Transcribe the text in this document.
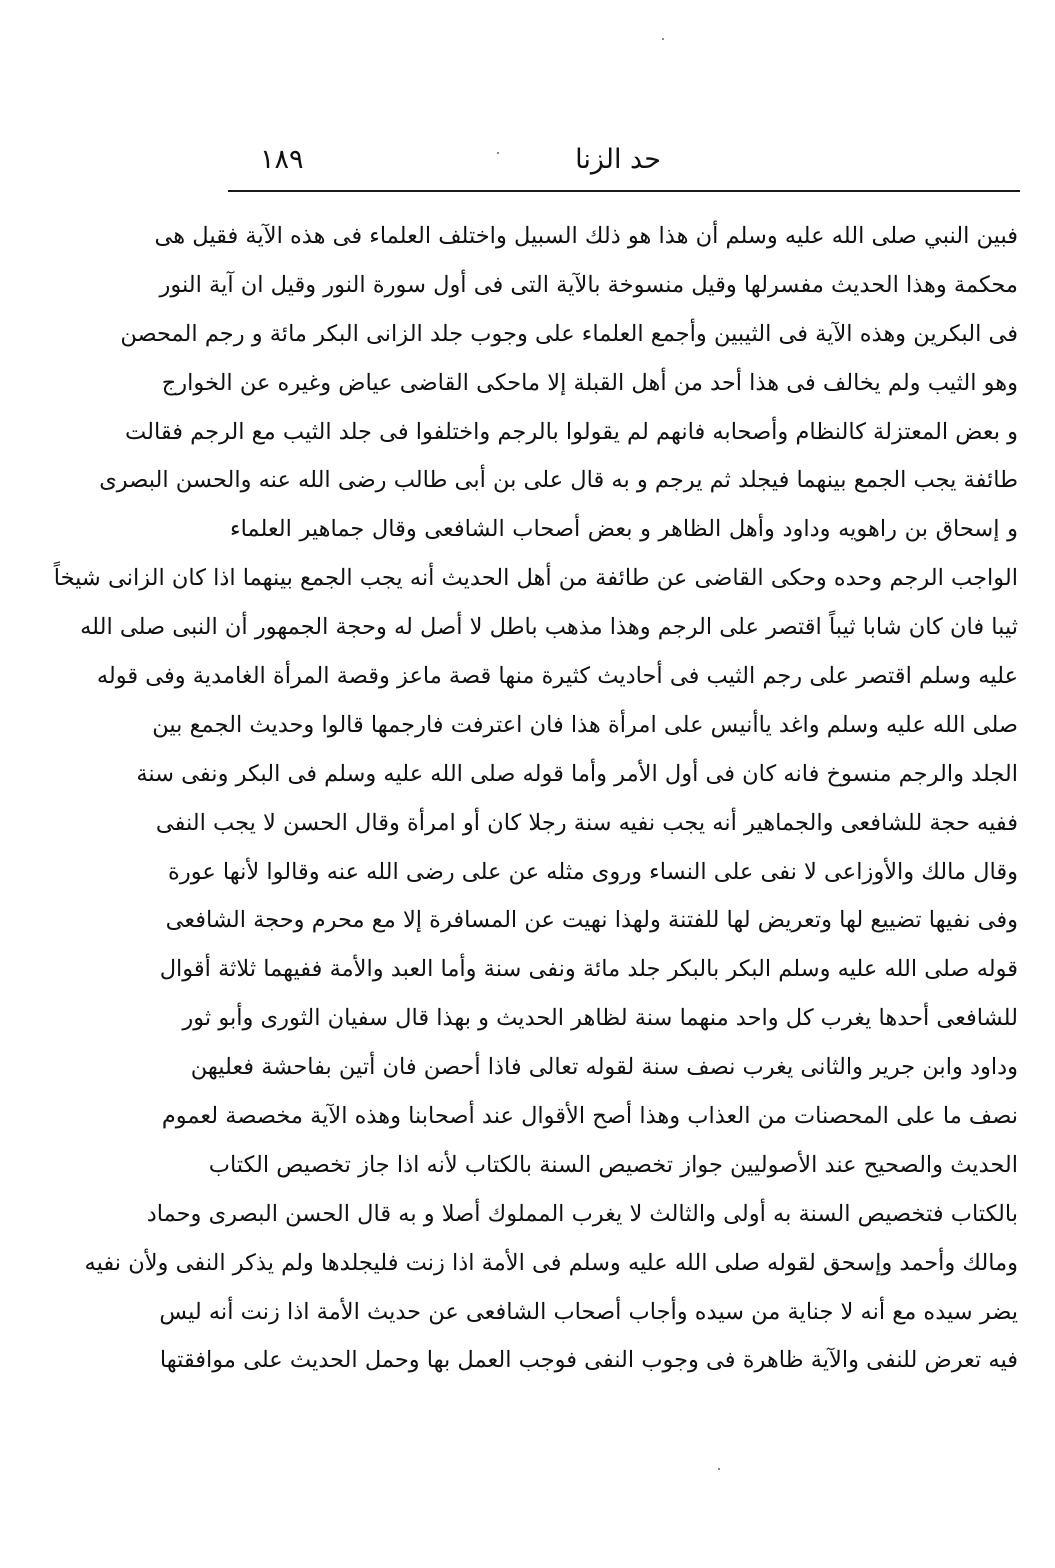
١٨٩	حد الزنا
فبين النبي صلى الله عليه وسلم أن هذا هو ذلك السبيل واختلف العلماء فى هذه الآية فقيل هى
محكمة وهذا الحديث مفسرلها وقيل منسوخة بالآية التى فى أول سورة النور وقيل ان آية النور
فى البكرين وهذه الآية فى الثيبين وأجمع العلماء على وجوب جلد الزانى البكر مائة و رجم المحصن
وهو الثيب ولم يخالف فى هذا أحد من أهل القبلة إلا ماحكى القاضى عياض وغيره عن الخوارج
و بعض المعتزلة كالنظام وأصحابه فانهم لم يقولوا بالرجم واختلفوا فى جلد الثيب مع الرجم فقالت
طائفة يجب الجمع بينهما فيجلد ثم يرجم و به قال على بن أبى طالب رضى الله عنه والحسن البصرى
و إسحاق بن راهويه وداود وأهل الظاهر و بعض أصحاب الشافعى وقال جماهير العلماء
الواجب الرجم وحده وحكى القاضى عن طائفة من أهل الحديث أنه يجب الجمع بينهما اذا كان الزانى شيخاً
ثيبا فان كان شابا ثيباً اقتصر على الرجم وهذا مذهب باطل لا أصل له وحجة الجمهور أن النبى صلى الله
عليه وسلم اقتصر على رجم الثيب فى أحاديث كثيرة منها قصة ماعز وقصة المرأة الغامدية وفى قوله
صلى الله عليه وسلم واغد ياأنيس على امرأة هذا فان اعترفت فارجمها قالوا وحديث الجمع بين
الجلد والرجم منسوخ فانه كان فى أول الأمر وأما قوله صلى الله عليه وسلم فى البكر ونفى سنة
ففيه حجة للشافعى والجماهير أنه يجب نفيه سنة رجلا كان أو امرأة وقال الحسن لا يجب النفى
وقال مالك والأوزاعى لا نفى على النساء وروى مثله عن على رضى الله عنه وقالوا لأنها عورة
وفى نفيها تضييع لها وتعريض لها للفتنة ولهذا نهيت عن المسافرة إلا مع محرم وحجة الشافعى
قوله صلى الله عليه وسلم البكر بالبكر جلد مائة ونفى سنة وأما العبد والأمة ففيهما ثلاثة أقوال
للشافعى أحدها يغرب كل واحد منهما سنة لظاهر الحديث و بهذا قال سفيان الثورى وأبو ثور
وداود وابن جرير والثانى يغرب نصف سنة لقوله تعالى فاذا أحصن فان أتين بفاحشة فعليهن
نصف ما على المحصنات من العذاب وهذا أصح الأقوال عند أصحابنا وهذه الآية مخصصة لعموم
الحديث والصحيح عند الأصوليين جواز تخصيص السنة بالكتاب لأنه اذا جاز تخصيص الكتاب
بالكتاب فتخصيص السنة به أولى والثالث لا يغرب المملوك أصلا و به قال الحسن البصرى وحماد
ومالك وأحمد وإسحق لقوله صلى الله عليه وسلم فى الأمة اذا زنت فليجلدها ولم يذكر النفى ولأن نفيه
يضر سيده مع أنه لا جناية من سيده وأجاب أصحاب الشافعى عن حديث الأمة اذا زنت أنه ليس
فيه تعرض للنفى والآية ظاهرة فى وجوب النفى فوجب العمل بها وحمل الحديث على موافقتها
